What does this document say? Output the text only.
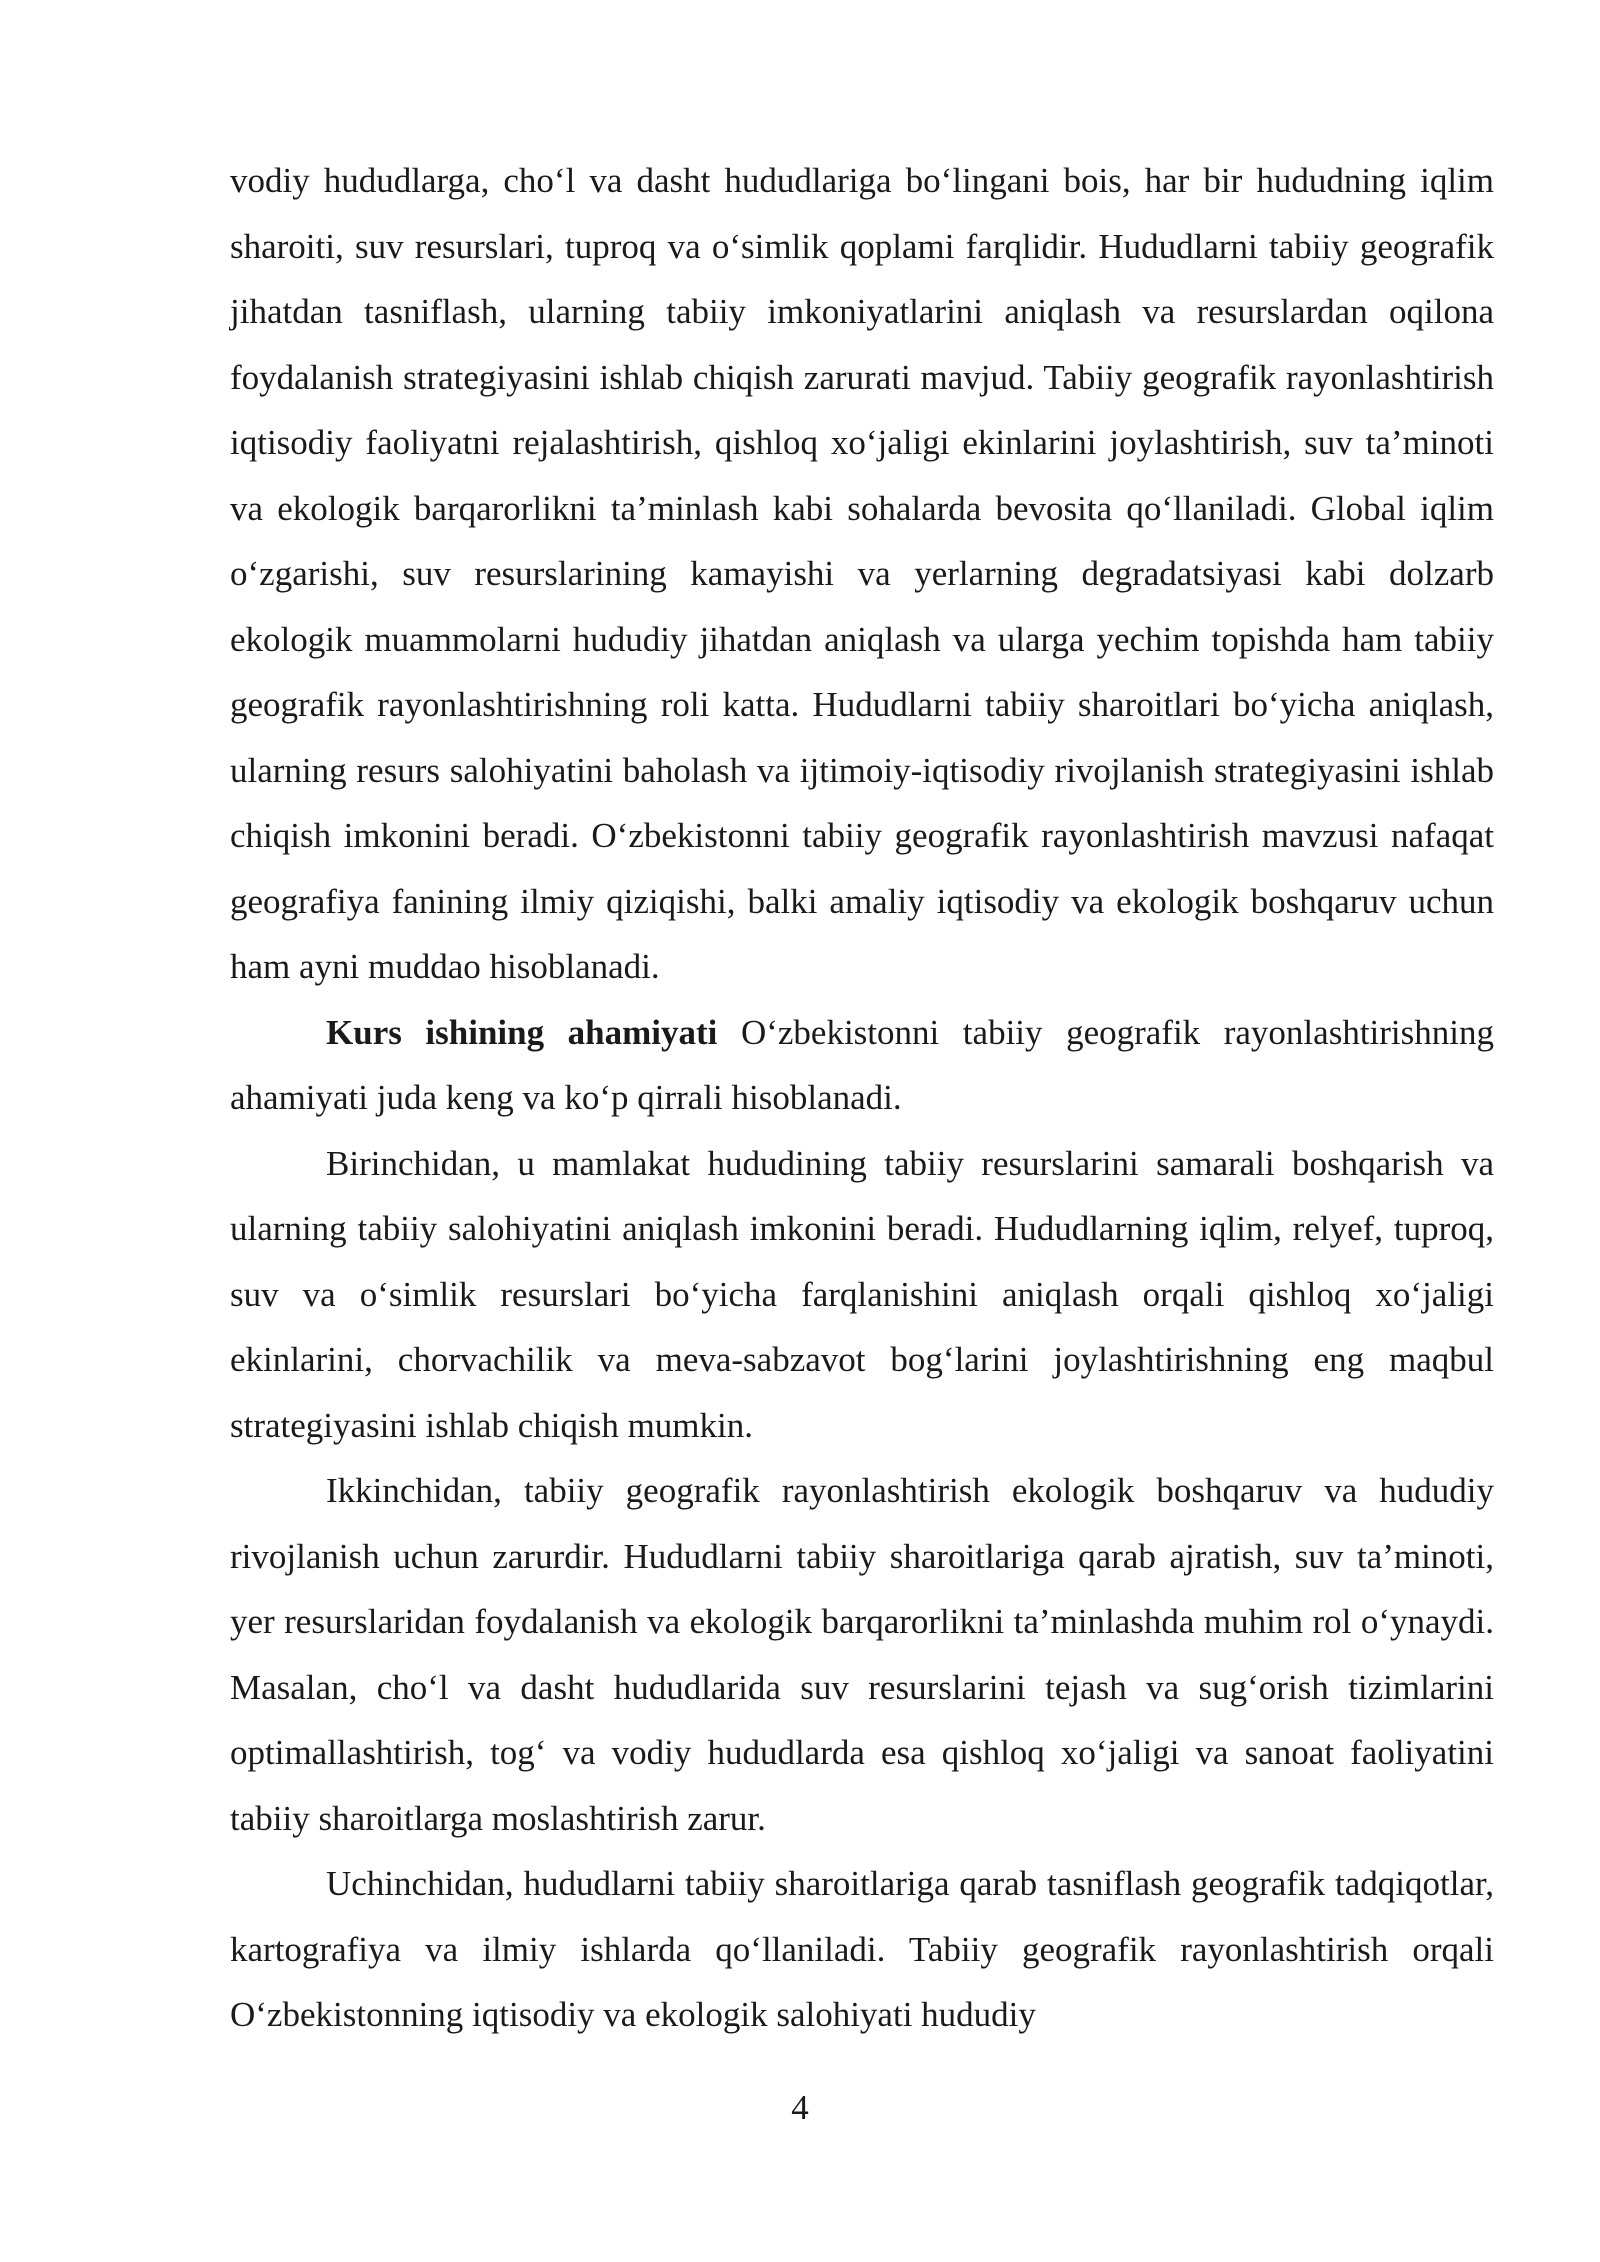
vodiy hududlarga, cho‘l va dasht hududlariga bo‘lingani bois, har bir hududning iqlim sharoiti, suv resurslari, tuproq va o‘simlik qoplami farqlidir. Hududlarni tabiiy geografik jihatdan tasniflash, ularning tabiiy imkoniyatlarini aniqlash va resurslardan oqilona foydalanish strategiyasini ishlab chiqish zarurati mavjud. Tabiiy geografik rayonlashtirish iqtisodiy faoliyatni rejalashtirish, qishloq xo‘jaligi ekinlarini joylashtirish, suv ta’minoti va ekologik barqarorlikni ta’minlash kabi sohalarda bevosita qo‘llaniladi. Global iqlim o‘zgarishi, suv resurslarining kamayishi va yerlarning degradatsiyasi kabi dolzarb ekologik muammolarni hududiy jihatdan aniqlash va ularga yechim topishda ham tabiiy geografik rayonlashtirishning roli katta. Hududlarni tabiiy sharoitlari bo‘yicha aniqlash, ularning resurs salohiyatini baholash va ijtimoiy-iqtisodiy rivojlanish strategiyasini ishlab chiqish imkonini beradi. O‘zbekistonni tabiiy geografik rayonlashtirish mavzusi nafaqat geografiya fanining ilmiy qiziqishi, balki amaliy iqtisodiy va ekologik boshqaruv uchun ham ayni muddao hisoblanadi.

Kurs ishining ahamiyati O‘zbekistonni tabiiy geografik rayonlashtirishning ahamiyati juda keng va ko‘p qirrali hisoblanadi.

Birinchidan, u mamlakat hududining tabiiy resurslarini samarali boshqarish va ularning tabiiy salohiyatini aniqlash imkonini beradi. Hududlarning iqlim, relyef, tuproq, suv va o‘simlik resurslari bo‘yicha farqlanishini aniqlash orqali qishloq xo‘jaligi ekinlarini, chorvachilik va meva-sabzavot bog‘larini joylashtirishning eng maqbul strategiyasini ishlab chiqish mumkin.

Ikkinchidan, tabiiy geografik rayonlashtirish ekologik boshqaruv va hududiy rivojlanish uchun zarurdir. Hududlarni tabiiy sharoitlariga qarab ajratish, suv ta’minoti, yer resurslaridan foydalanish va ekologik barqarorlikni ta’minlashda muhim rol o‘ynaydi. Masalan, cho‘l va dasht hududlarida suv resurslarini tejash va sug‘orish tizimlarini optimallashtirish, tog‘ va vodiy hududlarda esa qishloq xo‘jaligi va sanoat faoliyatini tabiiy sharoitlarga moslashtirish zarur.

Uchinchidan, hududlarni tabiiy sharoitlariga qarab tasniflash geografik tadqiqotlar, kartografiya va ilmiy ishlarda qo‘llaniladi. Tabiiy geografik rayonlashtirish orqali O‘zbekistonning iqtisodiy va ekologik salohiyati hududiy

4
